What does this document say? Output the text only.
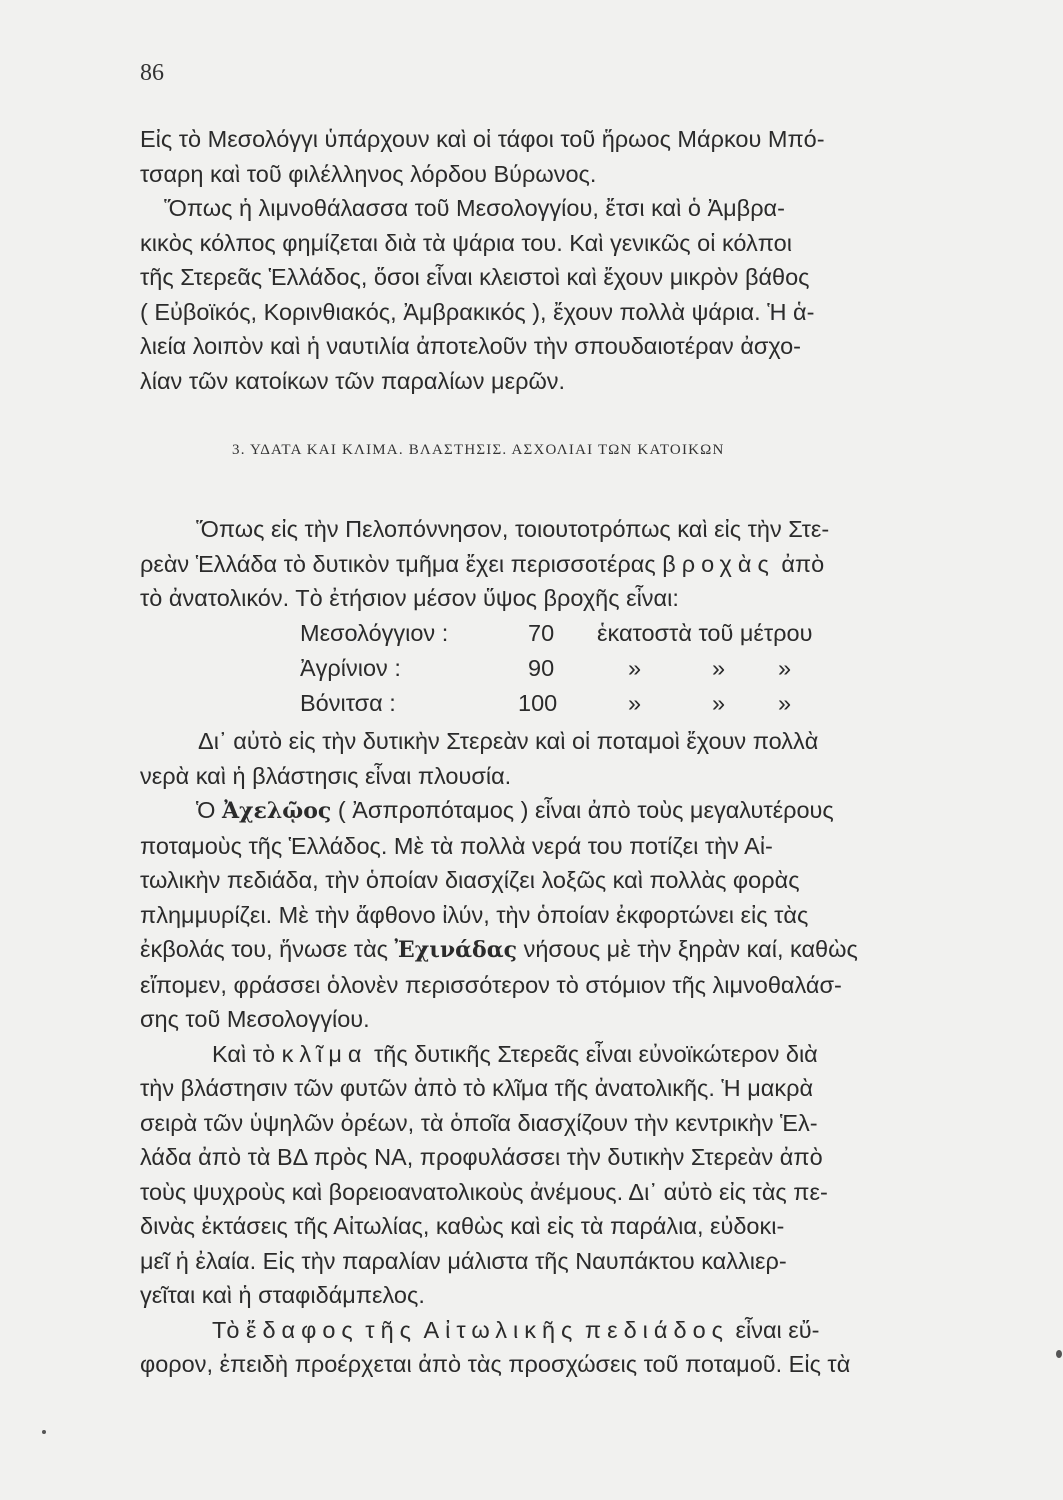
86
Εἰς τὸ Μεσολόγγι ὑπάρχουν καὶ οἱ τάφοι τοῦ ἥρωος Μάρκου Μπό-
τσαρη καὶ τοῦ φιλέλληνος λόρδου Βύρωνος.
Ὅπως ἡ λιμνοθάλασσα τοῦ Μεσολογγίου, ἔτσι καὶ ὁ Ἀμβρα-
κικὸς κόλπος φημίζεται διὰ τὰ ψάρια του. Καὶ γενικῶς οἱ κόλποι
τῆς Στερεᾶς Ἑλλάδος, ὅσοι εἶναι κλειστοὶ καὶ ἔχουν μικρὸν βάθος
( Εὐβοϊκός, Κορινθιακός, Ἀμβρακικός ), ἔχουν πολλὰ ψάρια. Ἡ ἁ-
λιεία λοιπὸν καὶ ἡ ναυτιλία ἀποτελοῦν τὴν σπουδαιοτέραν ἀσχο-
λίαν τῶν κατοίκων τῶν παραλίων μερῶν.
3. ΥΔΑΤΑ ΚΑΙ ΚΛΙΜΑ. ΒΛΑΣΤΗΣΙΣ. ΑΣΧΟΛΙΑΙ ΤΩΝ ΚΑΤΟΙΚΩΝ
Ὅπως εἰς τὴν Πελοπόννησον, τοιουτοτρόπως καὶ εἰς τὴν Στε-
ρεὰν Ἑλλάδα τὸ δυτικὸν τμῆμα ἔχει περισσοτέρας βροχὰς ἀπὸ
τὸ ἀνατολικόν. Τὸ ἐτήσιον μέσον ὕψος βροχῆς εἶναι:
Μεσολόγγιον :	70 ἑκατοστὰ τοῦ μέτρου
Ἀγρίνιον :	90	»	» »
Βόνιτσα :	100	»	» »
Δι᾿ αὐτὸ εἰς τὴν δυτικὴν Στερεὰν καὶ οἱ ποταμοὶ ἔχουν πολλὰ
νερὰ καὶ ἡ βλάστησις εἶναι πλουσία.
Ὁ Ἀχελῷος ( Ἀσπροπόταμος ) εἶναι ἀπὸ τοὺς μεγαλυτέρους
ποταμοὺς τῆς Ἑλλάδος. Μὲ τὰ πολλὰ νερά του ποτίζει τὴν Αἰ-
τωλικὴν πεδιάδα, τὴν ὁποίαν διασχίζει λοξῶς καὶ πολλὰς φορὰς
πλημμυρίζει. Μὲ τὴν ἄφθονο ἰλύν, τὴν ὁποίαν ἐκφορτώνει εἰς τὰς
ἐκβολάς του, ἥνωσε τὰς Ἐχινάδας νήσους μὲ τὴν ξηρὰν καί, καθὼς
εἴπομεν, φράσσει ὁλονὲν περισσότερον τὸ στόμιον τῆς λιμνοθαλάσ-
σης τοῦ Μεσολογγίου.
Καὶ τὸ κλῖμα τῆς δυτικῆς Στερεᾶς εἶναι εὐνοϊκώτερον διὰ
τὴν βλάστησιν τῶν φυτῶν ἀπὸ τὸ κλῖμα τῆς ἀνατολικῆς. Ἡ μακρὰ
σειρὰ τῶν ὑψηλῶν ὀρέων, τὰ ὁποῖα διασχίζουν τὴν κεντρικὴν Ἑλ-
λάδα ἀπὸ τὰ ΒΔ πρὸς ΝΑ, προφυλάσσει τὴν δυτικὴν Στερεὰν ἀπὸ
τοὺς ψυχροὺς καὶ βορειοανατολικοὺς ἀνέμους. Δι᾿ αὐτὸ εἰς τὰς πε-
δινὰς ἐκτάσεις τῆς Αἰτωλίας, καθὼς καὶ εἰς τὰ παράλια, εὐδοκι-
μεῖ ἡ ἐλαία. Εἰς τὴν παραλίαν μάλιστα τῆς Ναυπάκτου καλλιερ-
γεῖται καὶ ἡ σταφιδάμπελος.
Τὸ ἔδαφος τῆς Αἰτωλικῆς πεδιάδος εἶναι εὔ-
φορον, ἐπειδὴ προέρχεται ἀπὸ τὰς προσχώσεις τοῦ ποταμοῦ. Εἰς τὰ
